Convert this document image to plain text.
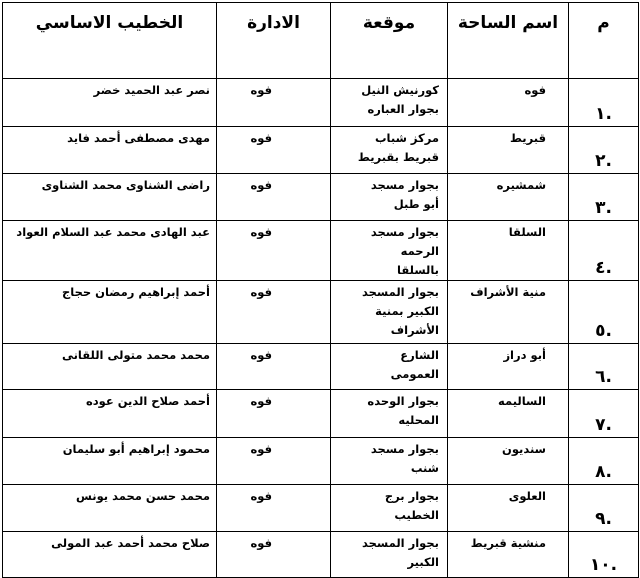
م	اسم الساحة	موقعة	الادارة	الخطيب الاساسي
.١	فوه	كورنيش النيل بجوار العباره	فوه	نصر عبد الحميد خضر
.٢	قبريط	مركز شباب قبريط بقبريط	فوه	مهدى مصطفى أحمد فايد
.٣	شمشيره	بجوار مسجد أبو طبل	فوه	راضى الشناوى محمد الشناوى
.٤	السلقا	بجوار مسجد الرحمه بالسلقا	فوه	عبد الهادى محمد عبد السلام العواد
.٥	منية الأشراف	بجوار المسجد الكبير بمنية الأشراف	فوه	أحمد إبراهيم رمضان حجاج
.٦	أبو دراز	الشارع العمومى	فوه	محمد محمد متولى اللقانى
.٧	الساليمه	بجوار الوحده المحليه	فوه	أحمد صلاح الدين عوده
.٨	سنديون	بجوار مسجد شنب	فوه	محمود إبراهيم أبو سليمان
.٩	العلوى	بجوار برج الخطيب	فوه	محمد حسن محمد يونس
.١٠	منشية قبريط	بجوار المسجد الكبير	فوه	صلاح محمد أحمد عبد المولى
